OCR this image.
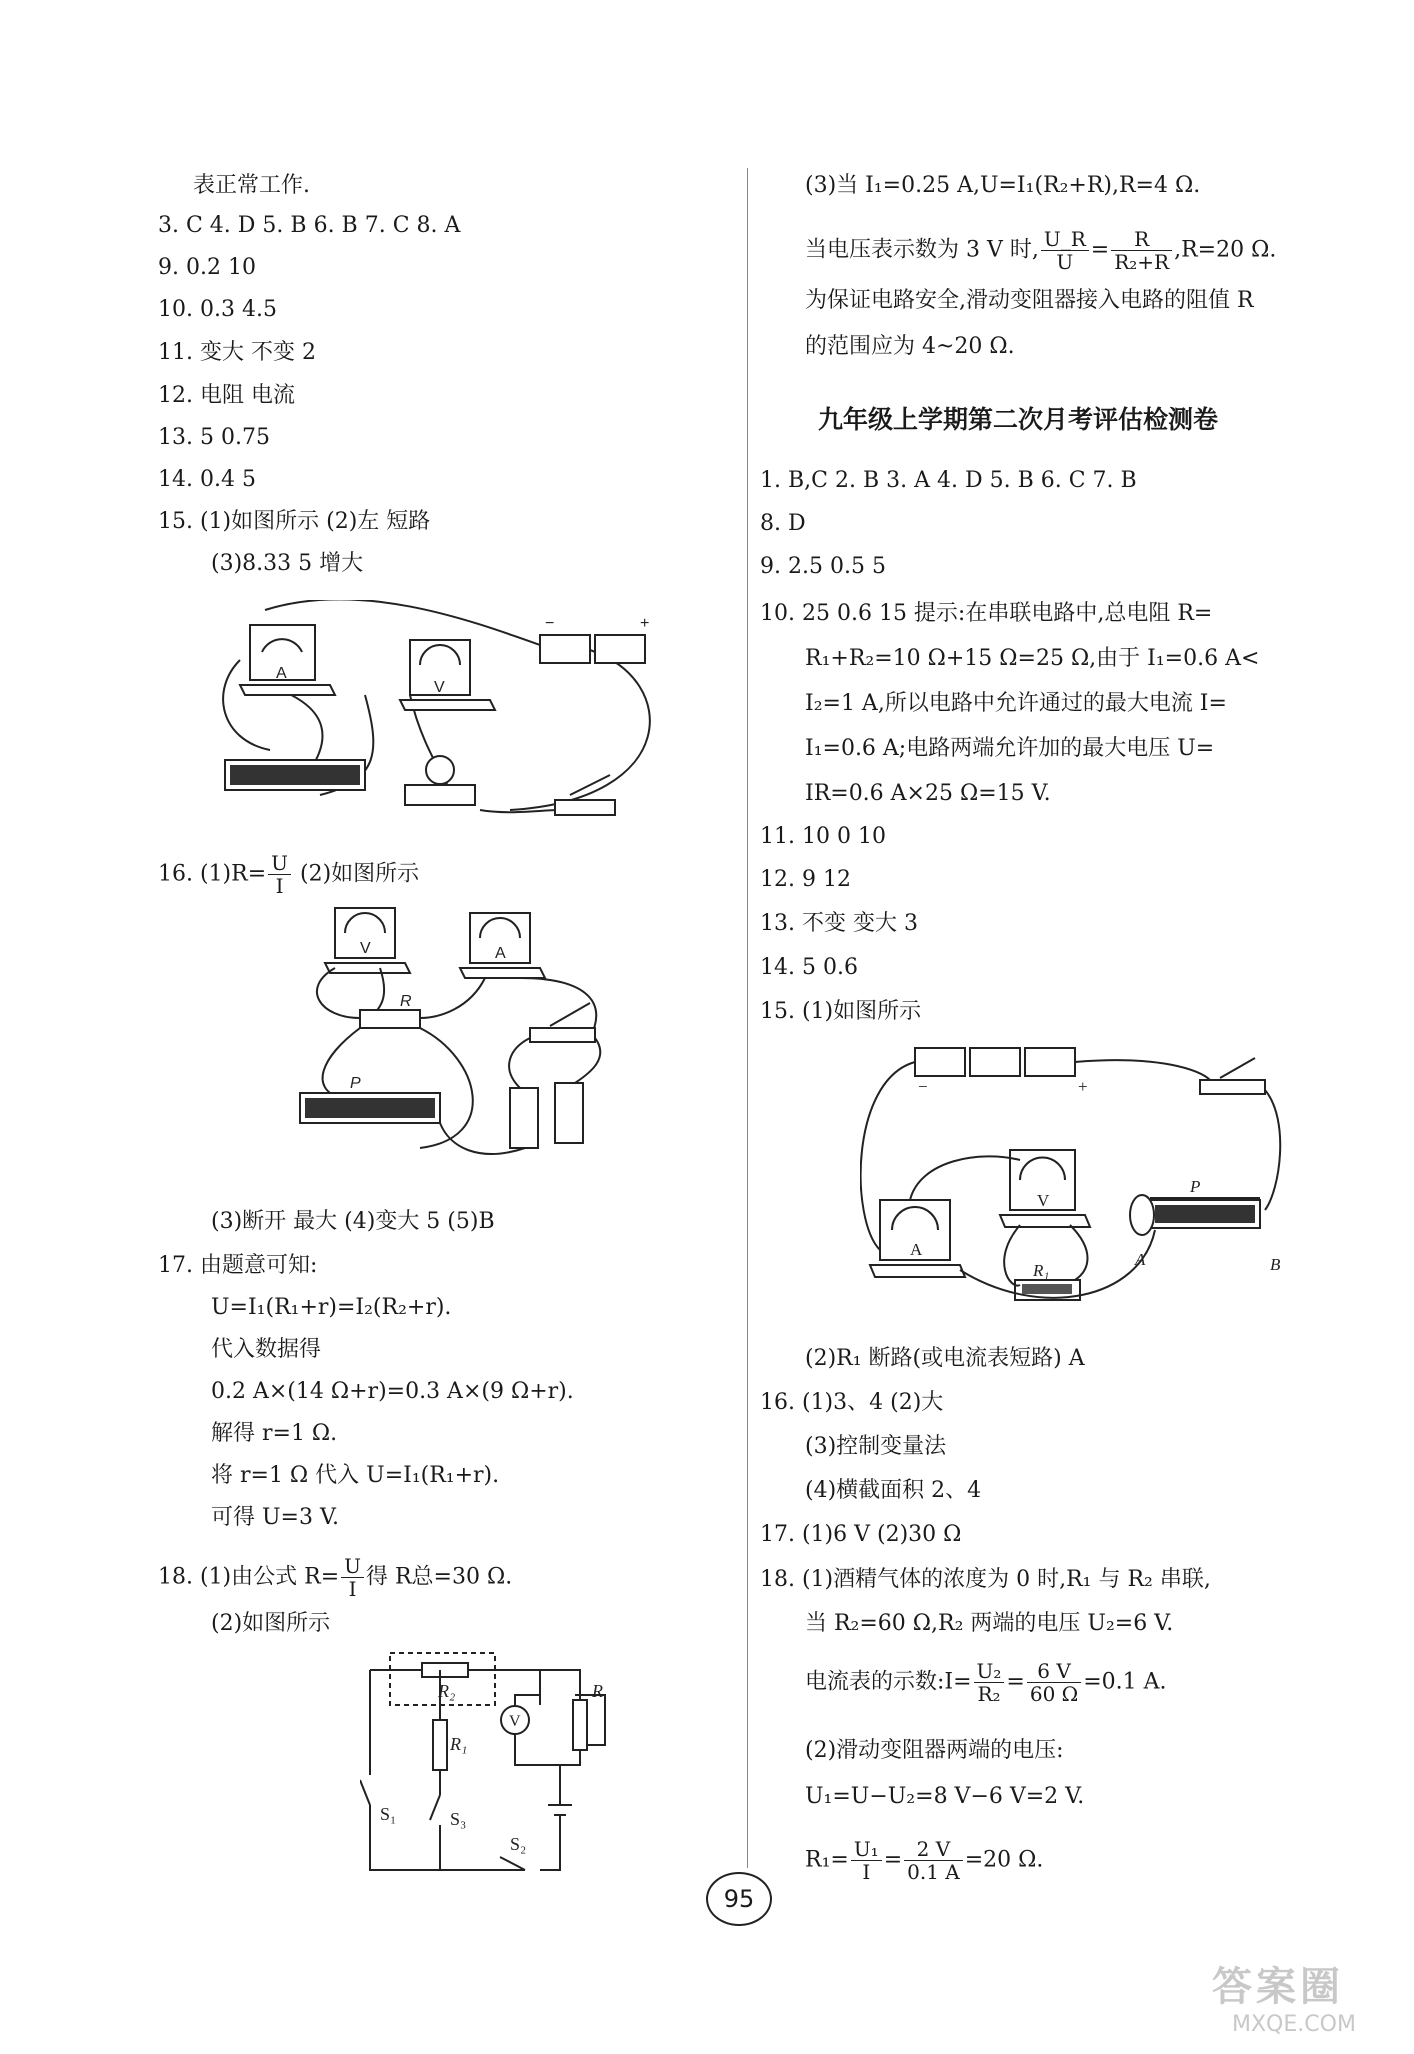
表正常工作.
3. C 4. D 5. B 6. B 7. C 8. A
9. 0.2 10
10. 0.3 4.5
11. 变大 不变 2
12. 电阻 电流
13. 5 0.75
14. 0.4 5
15. (1)如图所示 (2)左 短路
(3)8.33 5 增大
A
V
−	+
16. $(1)R= \frac{U}{I} (2)$如图所示
V	A
R
P
(3)断开 最大 (4)变大 5 (5)B
17. 由题意可知:
U=I₁(R₁+r)=I₂(R₂+r).
代入数据得
0.2 A×(14 Ω+r)=0.3 A×(9 Ω+r).
解得 r=1 Ω.
将 r=1 Ω 代入 U=I₁(R₁+r).
可得 U=3 V.
18. (1)由公式 $R= \frac{U}{I}$ 得 R总=30 Ω.
(2)如图所示
R₂
R₁
V
R
S₁	S₃
S₂
(3)当 I₁=0.25 A,U=I₁(R₂+R),R=4 Ω.
当电压表示数为 3 V 时, $\frac{U\_R}{U} = \frac{R}{\text{R₂+R}} ,R=20$ Ω.
为保证电路安全,滑动变阻器接入电路的阻值 R
的范围应为 4~20 Ω.
九年级上学期第二次月考评估检测卷
1. B,C 2. B 3. A 4. D 5. B 6. C 7. B
8. D
9. 2.5 0.5 5
10. 25 0.6 15 提示:在串联电路中,总电阻 R=
R₁+R₂=10 Ω+15 Ω=25 Ω,由于 I₁=0.6 A<
I₂=1 A,所以电路中允许通过的最大电流 I=
I₁=0.6 A;电路两端允许加的最大电压 U=
IR=0.6 A×25 Ω=15 V.
11. 10 0 10
12. 9 12
13. 不变 变大 3
14. 5 0.6
15. (1)如图所示
−	+
P
V
A
R₁
A	B
(2)R₁ 断路(或电流表短路) A
16. (1)3、4 (2)大
(3)控制变量法
(4)横截面积 2、4
17. (1)6 V (2)30 Ω
18. (1)酒精气体的浓度为 0 时,R₁ 与 R₂ 串联,
当 R₂=60 Ω,R₂ 两端的电压 U₂=6 V.
电流表的示数:I= $\frac{\text{U₂}}{\text{R₂}} = \frac{6 V}{60 \Omega} =0.1$ A.
(2)滑动变阻器两端的电压:
U₁=U−U₂=8 V−6 V=2 V.
$R_1= \frac{\text{U₁}}{I} = \frac{2 V}{0.1 A} =20$ Ω.
95
答案圈
MXQE.COM
